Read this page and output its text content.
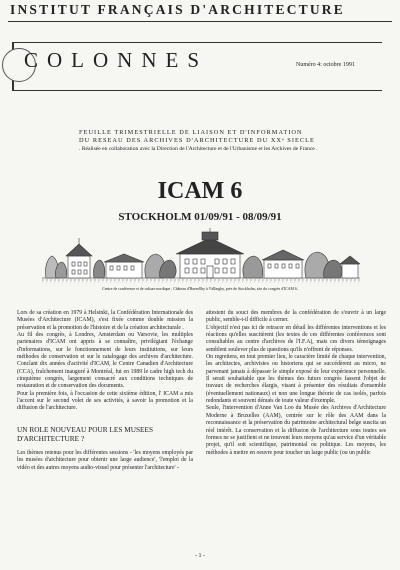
INSTITUT FRANÇAIS D'ARCHITECTURE
COLONNES	Numéro 4: octobre 1991
FEUILLE TRIMESTRIELLE DE LIAISON ET D'INFORMATION
DU RESEAU DES ARCHIVES D'ARCHITECTURE DU XXᵉ SIECLE
. Réalisée en collaboration avec la Direction de l'Architecture et de l'Urbanisme et les Archives de France .
ICAM 6
STOCKHOLM 01/09/91 - 08/09/91
Centre de conférence et de culture nordique , Château d'Haesellby à Vällingby, près de Stockholm, site du congrès d'ICAM 6.

Lors de sa création en 1979 à Helsinki, la Confédération Internationale des Musées d'Architecture (ICAM), s'est fixée comme double mission la préservation et la promotion de l'histoire et de la création architecturale .

Au fil des congrès, à Londres, Amsterdam ou Varsovie, les multiples partenaires d'ICAM ont appris à se connaître, privilégiant l'échange d'informations, sur le fonctionnement de leurs institutions, sur leurs méthodes de conservation et sur le catalogage des archives d'architecture. Conclant dix années d'activité d'ICAM, le Centre Canadien d'Architecture (CCA), fraîchement inauguré à Montréal, fut en 1989 le cadre high tech du cinquième congrès, largement consacré aux conditions techniques de restauration et de conservation des documents.

Pour la première fois, à l'occasion de cette sixième édition, l' ICAM a mis l'accent sur le second volet de ses activités, à savoir la promotion et la diffusion de l'architecture.

UN ROLE NOUVEAU POUR LES MUSEES D'ARCHITECTURE ?

Les thèmes retenus pour les différentes sessions - 'les moyens employés par les musées d'architecture pour obtenir une large audience', 'l'emploi de la vidéo et des autres moyens audio-visuel pour présenter l'architecture' -

attestent du souci des membres de la confédération de s'ouvrir à un large public, semble-t-il difficile à cerner.

L'objectif n'est pas ici de retracer en détail les différentes interventions et les réactions qu'elles suscitèrent (les textes de ces différentes conférences sont consultables au centre d'archives de l'I.F.A), mais ces divers témoignages semblent soulever plus de questions qu'ils n'offrent de réponses.

On regrettera, en tout premier lieu, le caractère limité de chaque intervention, les architectes, archivistes ou historiens qui se succédèrent au micro, ne parvenant jamais à dépasser le simple exposé de leur expérience personnelle. Il serait souhaitable que les thèmes des futurs congrès fassent l'objet de travaux de recherches élargis, visant à présenter des résultats d'ensemble (éventuellement nationaux) et non une longue théorie de cas isolés, parfois redondants et souvent dénués de toute valeur d'exemple.

Seule, l'intervention d'Anne Van Loo du Musée des Archives d'Architecture Moderne à Bruxelles (AAM), centrée sur le rôle des AAM dans la reconnaissance et la préservation du patrimoine architectural belge suscita un réel intérêt. La conservation et la diffusion de l'architecture sous toutes ses formes ne se justifient et ne trouvent leurs moyens qu'au service d'un véritable projet, qu'il soit scientifique, patrimonial ou politique. Les moyens, les méthodes à mettre en oeuvre pour toucher un large public (ou un public

- 1 -
